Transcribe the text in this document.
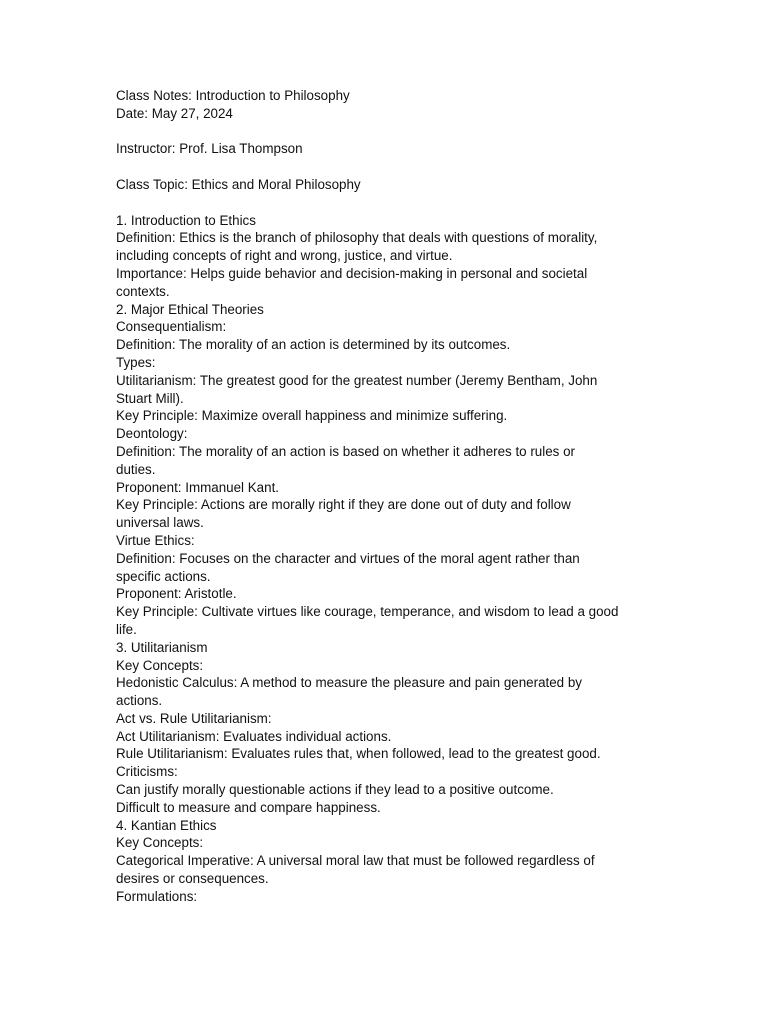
Class Notes: Introduction to Philosophy
Date: May 27, 2024
Instructor: Prof. Lisa Thompson
Class Topic: Ethics and Moral Philosophy
1. Introduction to Ethics
Definition: Ethics is the branch of philosophy that deals with questions of morality,
including concepts of right and wrong, justice, and virtue.
Importance: Helps guide behavior and decision-making in personal and societal
contexts.
2. Major Ethical Theories
Consequentialism:
Definition: The morality of an action is determined by its outcomes.
Types:
Utilitarianism: The greatest good for the greatest number (Jeremy Bentham, John
Stuart Mill).
Key Principle: Maximize overall happiness and minimize suffering.
Deontology:
Definition: The morality of an action is based on whether it adheres to rules or
duties.
Proponent: Immanuel Kant.
Key Principle: Actions are morally right if they are done out of duty and follow
universal laws.
Virtue Ethics:
Definition: Focuses on the character and virtues of the moral agent rather than
specific actions.
Proponent: Aristotle.
Key Principle: Cultivate virtues like courage, temperance, and wisdom to lead a good
life.
3. Utilitarianism
Key Concepts:
Hedonistic Calculus: A method to measure the pleasure and pain generated by
actions.
Act vs. Rule Utilitarianism:
Act Utilitarianism: Evaluates individual actions.
Rule Utilitarianism: Evaluates rules that, when followed, lead to the greatest good.
Criticisms:
Can justify morally questionable actions if they lead to a positive outcome.
Difficult to measure and compare happiness.
4. Kantian Ethics
Key Concepts:
Categorical Imperative: A universal moral law that must be followed regardless of
desires or consequences.
Formulations:
